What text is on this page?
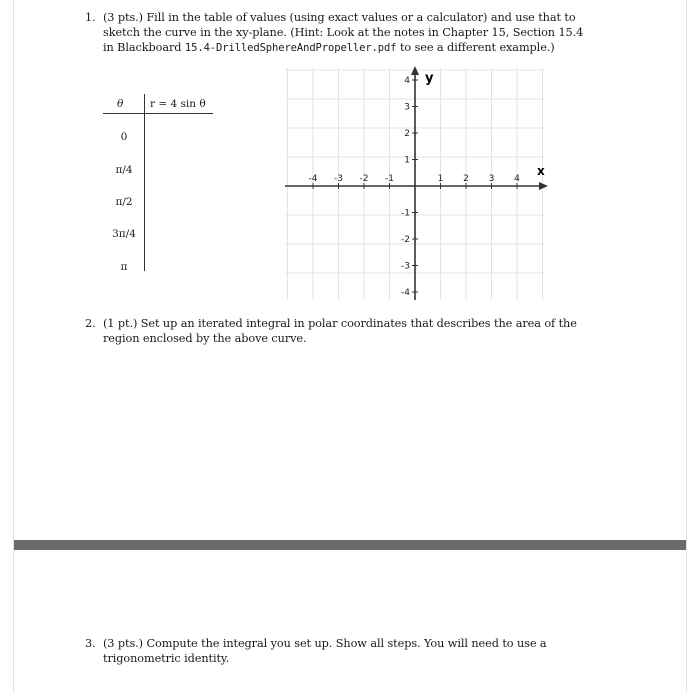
1. (3 pts.) Fill in the table of values (using exact values or a calculator) and use that to
sketch the curve in the xy-plane. (Hint: Look at the notes in Chapter 15, Section 15.4
in Blackboard 15.4-DrilledSphereAndPropeller.pdf to see a different example.)
θ	r = 4 sin θ
0
π/4
π/2
3π/4
π
-4 -3 -2 -1	1 2 3 4
4
3
2
1
-1
-2
-3
-4
x
y
2. (1 pt.) Set up an iterated integral in polar coordinates that describes the area of the
region enclosed by the above curve.
3. (3 pts.) Compute the integral you set up. Show all steps. You will need to use a
trigonometric identity.
